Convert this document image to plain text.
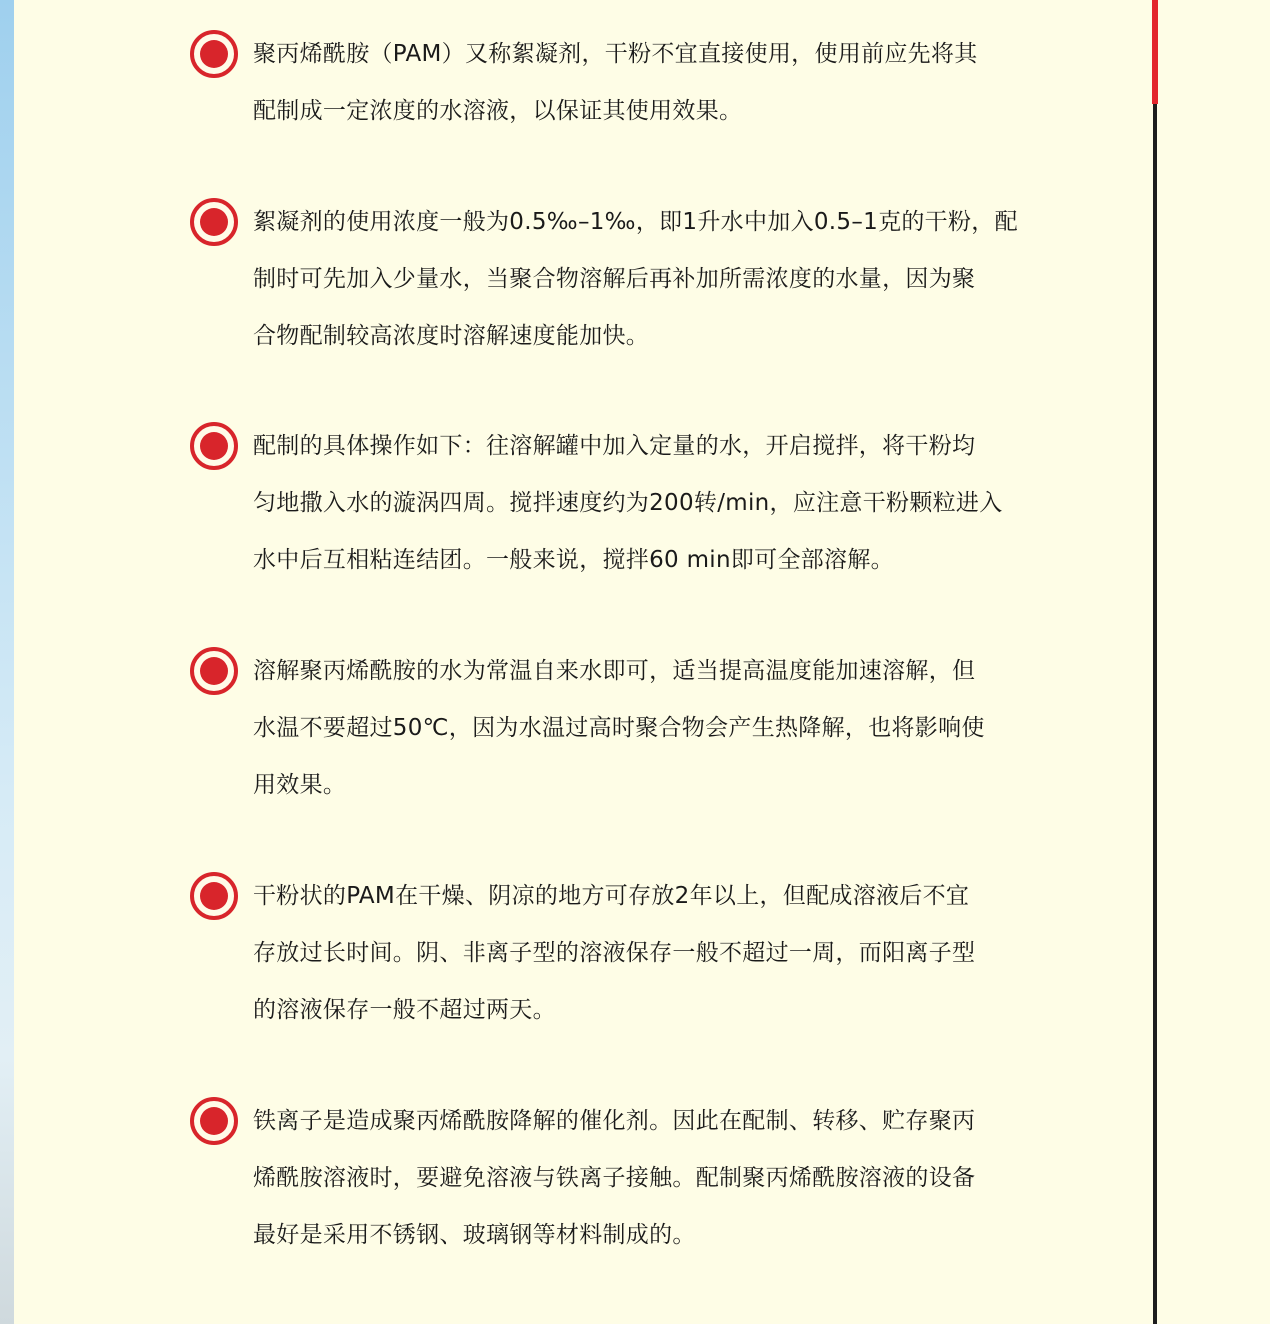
聚丙烯酰胺（PAM）又称絮凝剂，干粉不宜直接使用，使用前应先将其
配制成一定浓度的水溶液，以保证其使用效果。

絮凝剂的使用浓度一般为0.5‰–1‰，即1升水中加入0.5–1克的干粉，配
制时可先加入少量水，当聚合物溶解后再补加所需浓度的水量，因为聚
合物配制较高浓度时溶解速度能加快。

配制的具体操作如下：往溶解罐中加入定量的水，开启搅拌，将干粉均
匀地撒入水的漩涡四周。搅拌速度约为200转/min，应注意干粉颗粒进入
水中后互相粘连结团。一般来说，搅拌60 min即可全部溶解。

溶解聚丙烯酰胺的水为常温自来水即可，适当提高温度能加速溶解，但
水温不要超过50℃，因为水温过高时聚合物会产生热降解，也将影响使
用效果。

干粉状的PAM在干燥、阴凉的地方可存放2年以上，但配成溶液后不宜
存放过长时间。阴、非离子型的溶液保存一般不超过一周，而阳离子型
的溶液保存一般不超过两天。

铁离子是造成聚丙烯酰胺降解的催化剂。因此在配制、转移、贮存聚丙
烯酰胺溶液时，要避免溶液与铁离子接触。配制聚丙烯酰胺溶液的设备
最好是采用不锈钢、玻璃钢等材料制成的。
